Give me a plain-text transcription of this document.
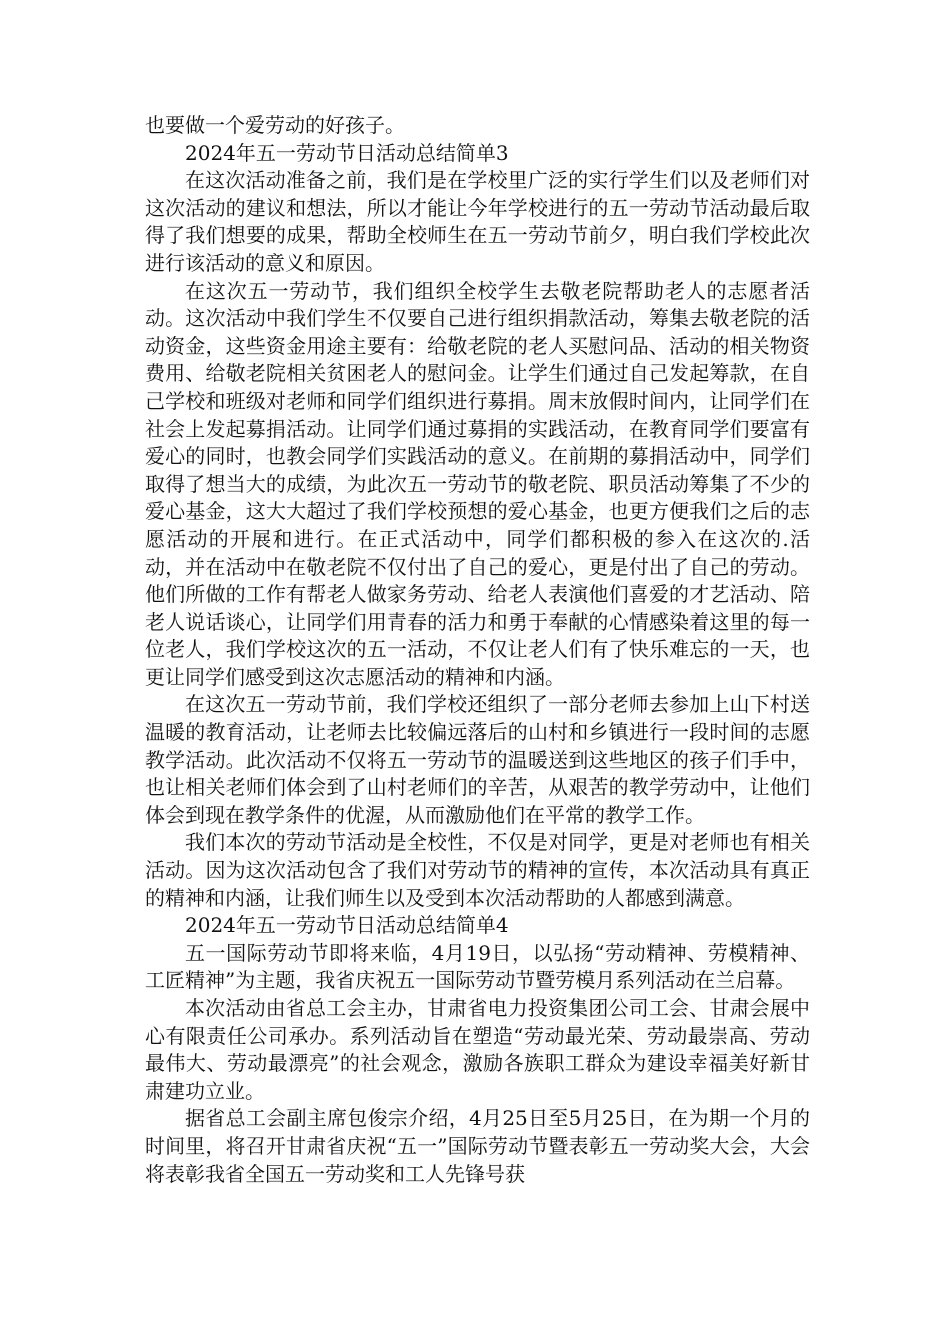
也要做一个爱劳动的好孩子。

2024年五一劳动节日活动总结简单3

在这次活动准备之前，我们是在学校里广泛的实行学生们以及老师们对这次活动的建议和想法，所以才能让今年学校进行的五一劳动节活动最后取得了我们想要的成果，帮助全校师生在五一劳动节前夕，明白我们学校此次进行该活动的意义和原因。

在这次五一劳动节，我们组织全校学生去敬老院帮助老人的志愿者活动。这次活动中我们学生不仅要自己进行组织捐款活动，筹集去敬老院的活动资金，这些资金用途主要有：给敬老院的老人买慰问品、活动的相关物资费用、给敬老院相关贫困老人的慰问金。让学生们通过自己发起筹款，在自己学校和班级对老师和同学们组织进行募捐。周末放假时间内，让同学们在社会上发起募捐活动。让同学们通过募捐的实践活动，在教育同学们要富有爱心的同时，也教会同学们实践活动的意义。在前期的募捐活动中，同学们取得了想当大的成绩，为此次五一劳动节的敬老院、职员活动筹集了不少的爱心基金，这大大超过了我们学校预想的爱心基金，也更方便我们之后的志愿活动的开展和进行。在正式活动中，同学们都积极的参入在这次的.活动，并在活动中在敬老院不仅付出了自己的爱心，更是付出了自己的劳动。他们所做的工作有帮老人做家务劳动、给老人表演他们喜爱的才艺活动、陪老人说话谈心，让同学们用青春的活力和勇于奉献的心情感染着这里的每一位老人，我们学校这次的五一活动，不仅让老人们有了快乐难忘的一天，也更让同学们感受到这次志愿活动的精神和内涵。

在这次五一劳动节前，我们学校还组织了一部分老师去参加上山下村送温暖的教育活动，让老师去比较偏远落后的山村和乡镇进行一段时间的志愿教学活动。此次活动不仅将五一劳动节的温暖送到这些地区的孩子们手中，也让相关老师们体会到了山村老师们的辛苦，从艰苦的教学劳动中，让他们体会到现在教学条件的优渥，从而激励他们在平常的教学工作。

我们本次的劳动节活动是全校性，不仅是对同学，更是对老师也有相关活动。因为这次活动包含了我们对劳动节的精神的宣传，本次活动具有真正的精神和内涵，让我们师生以及受到本次活动帮助的人都感到满意。

2024年五一劳动节日活动总结简单4

五一国际劳动节即将来临，4月19日，以弘扬“劳动精神、劳模精神、工匠精神”为主题，我省庆祝五一国际劳动节暨劳模月系列活动在兰启幕。

本次活动由省总工会主办，甘肃省电力投资集团公司工会、甘肃会展中心有限责任公司承办。系列活动旨在塑造“劳动最光荣、劳动最崇高、劳动最伟大、劳动最漂亮”的社会观念，激励各族职工群众为建设幸福美好新甘肃建功立业。

据省总工会副主席包俊宗介绍，4月25日至5月25日，在为期一个月的时间里，将召开甘肃省庆祝“五一”国际劳动节暨表彰五一劳动奖大会，大会将表彰我省全国五一劳动奖和工人先锋号获
